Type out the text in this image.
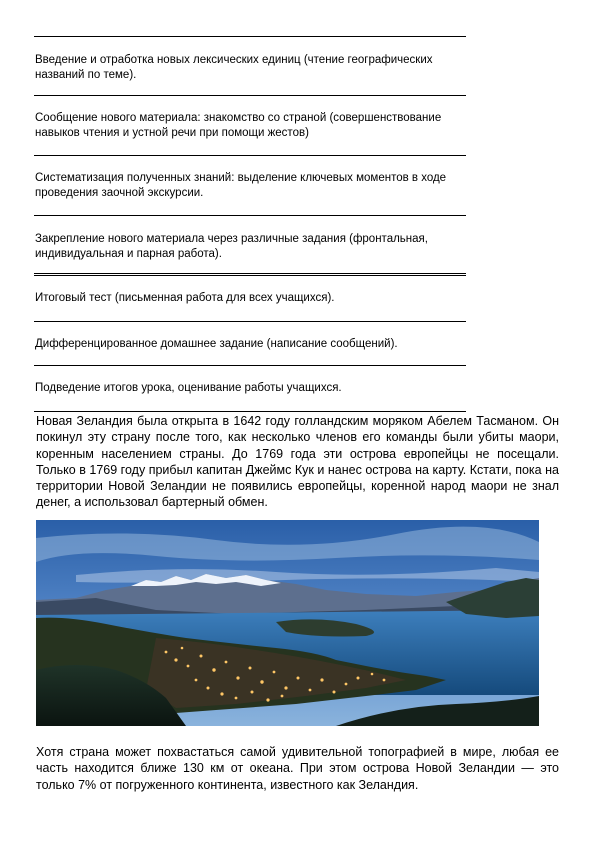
Введение и отработка новых лексических единиц (чтение географических названий по теме).
Сообщение нового материала: знакомство со страной (совершенствование навыков чтения и устной речи при помощи жестов)
Систематизация полученных знаний: выделение ключевых моментов в ходе проведения заочной экскурсии.
Закрепление нового материала через различные задания (фронтальная, индивидуальная и парная работа).
Итоговый тест (письменная работа для всех учащихся).
Дифференцированное домашнее задание (написание сообщений).
Подведение итогов урока, оценивание работы учащихся.

Новая Зеландия была открыта в 1642 году голландским моряком Абелем Тасманом. Он покинул эту страну после того, как несколько членов его команды были убиты маори, коренным населением страны. До 1769 года эти острова европейцы не посещали. Только в 1769 году прибыл капитан Джеймс Кук и нанес острова на карту. Кстати, пока на территории Новой Зеландии не появились европейцы, коренной народ маори не знал денег, а использовал бартерный обмен.

Хотя страна может похвастаться самой удивительной топографией в мире, любая ее часть находится ближе 130 км от океана. При этом острова Новой Зеландии — это только 7% от погруженного континента, известного как Зеландия.
